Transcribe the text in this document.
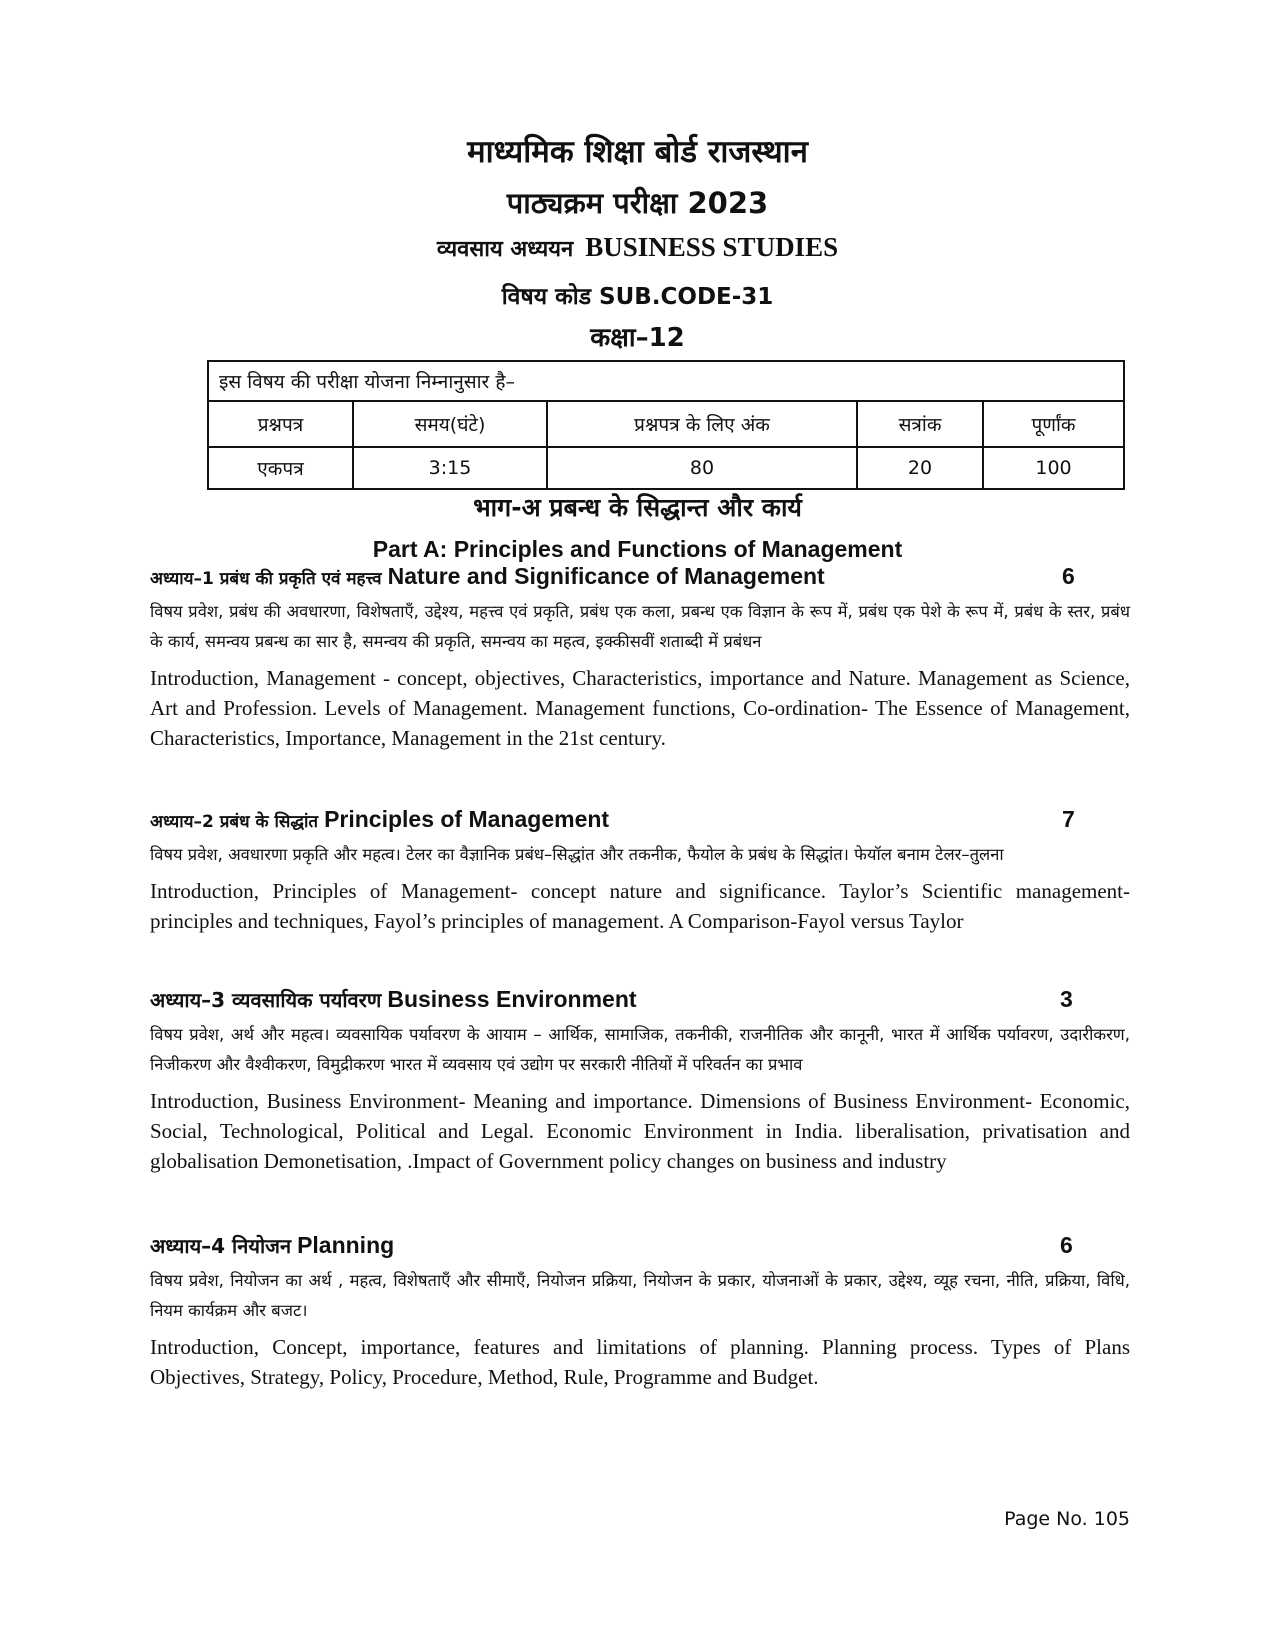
माध्यमिक शिक्षा बोर्ड राजस्थान
पाठ्यक्रम परीक्षा 2023
व्यवसाय अध्ययन BUSINESS STUDIES
विषय कोड SUB.CODE-31
कक्षा–12
इस विषय की परीक्षा योजना निम्नानुसार है–				
प्रश्नपत्र	समय(घंटे)	प्रश्नपत्र के लिए अंक	सत्रांक	पूर्णांक
एकपत्र	3:15	80	20	100
भाग-अ प्रबन्ध के सिद्धान्त और कार्य
Part A: Principles and Functions of Management
अध्याय–1 प्रबंध की प्रकृति एवं महत्त्व Nature and Significance of Management	6
विषय प्रवेश, प्रबंध की अवधारणा, विशेषताएँ, उद्देश्य, महत्त्व एवं प्रकृति, प्रबंध एक कला, प्रबन्ध एक विज्ञान के रूप में, प्रबंध एक पेशे के रूप में, प्रबंध के स्तर, प्रबंध के कार्य, समन्वय प्रबन्ध का सार है, समन्वय की प्रकृति, समन्वय का महत्व, इक्कीसवीं शताब्दी में प्रबंधन
Introduction, Management - concept, objectives, Characteristics, importance and Nature. Management as Science, Art and Profession. Levels of Management. Management functions, Co-ordination- The Essence of Management, Characteristics, Importance, Management in the 21st century.
अध्याय–2 प्रबंध के सिद्धांत Principles of Management	7
विषय प्रवेश, अवधारणा प्रकृति और महत्व। टेलर का वैज्ञानिक प्रबंध–सिद्धांत और तकनीक, फैयोल के प्रबंध के सिद्धांत। फेयॉल बनाम टेलर–तुलना
Introduction, Principles of Management- concept nature and significance. Taylor’s Scientific management- principles and techniques, Fayol’s principles of management. A Comparison-Fayol versus Taylor
अध्याय–3 व्यवसायिक पर्यावरण Business Environment	3
विषय प्रवेश, अर्थ और महत्व। व्यवसायिक पर्यावरण के आयाम – आर्थिक, सामाजिक, तकनीकी, राजनीतिक और कानूनी, भारत में आर्थिक पर्यावरण, उदारीकरण, निजीकरण और वैश्वीकरण, विमुद्रीकरण भारत में व्यवसाय एवं उद्योग पर सरकारी नीतियों में परिवर्तन का प्रभाव
Introduction, Business Environment- Meaning and importance. Dimensions of Business Environment- Economic, Social, Technological, Political and Legal. Economic Environment in India. liberalisation, privatisation and globalisation Demonetisation, .Impact of Government policy changes on business and industry
अध्याय–4 नियोजन Planning	6
विषय प्रवेश, नियोजन का अर्थ , महत्व, विशेषताएँ और सीमाएँ, नियोजन प्रक्रिया, नियोजन के प्रकार, योजनाओं के प्रकार, उद्देश्य, व्यूह रचना, नीति, प्रक्रिया, विधि, नियम कार्यक्रम और बजट।
Introduction, Concept, importance, features and limitations of planning. Planning process. Types of Plans Objectives, Strategy, Policy, Procedure, Method, Rule, Programme and Budget.
Page No. 105
